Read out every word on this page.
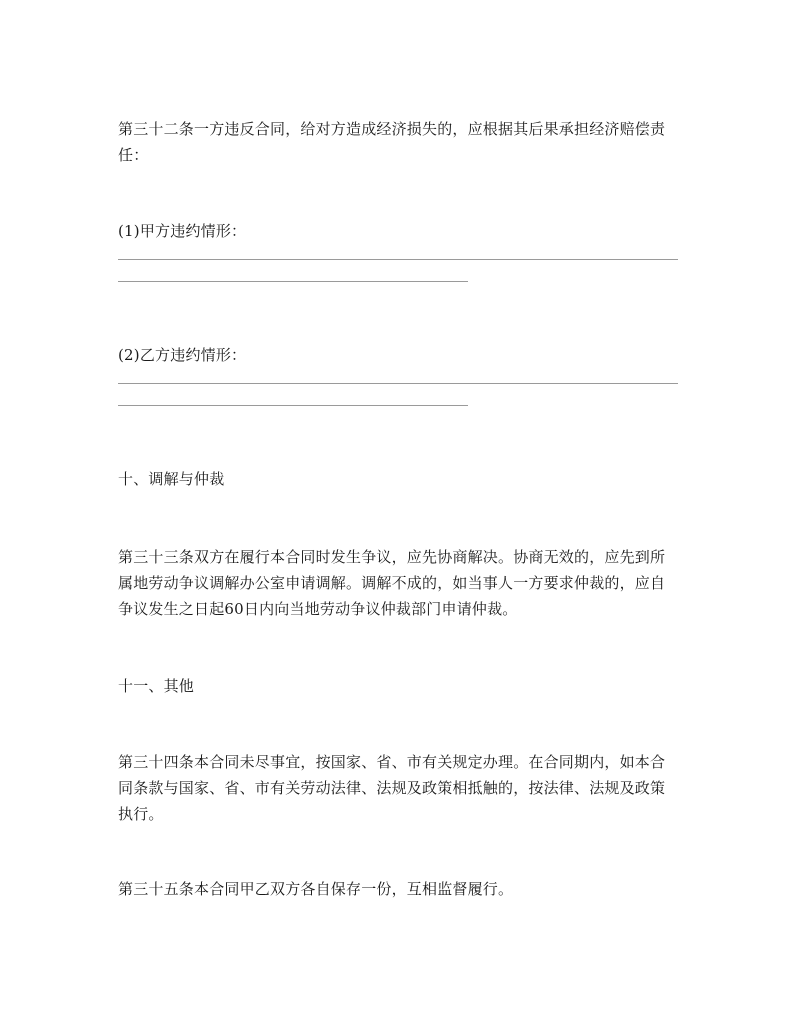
第三十二条一方违反合同，给对方造成经济损失的，应根据其后果承担经济赔偿责任：

(1)甲方违约情形：

(2)乙方违约情形：

十、调解与仲裁

第三十三条双方在履行本合同时发生争议，应先协商解决。协商无效的，应先到所属地劳动争议调解办公室申请调解。调解不成的，如当事人一方要求仲裁的，应自争议发生之日起60日内向当地劳动争议仲裁部门申请仲裁。

十一、其他

第三十四条本合同未尽事宜，按国家、省、市有关规定办理。在合同期内，如本合同条款与国家、省、市有关劳动法律、法规及政策相抵触的，按法律、法规及政策执行。

第三十五条本合同甲乙双方各自保存一份，互相监督履行。
